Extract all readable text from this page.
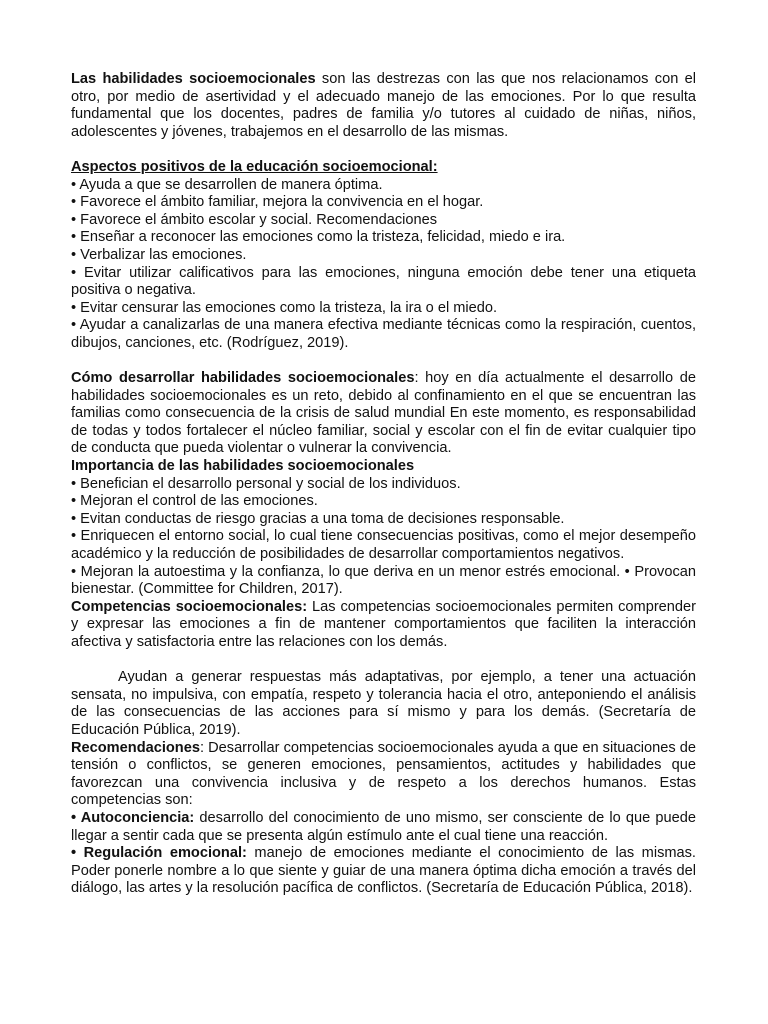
Las habilidades socioemocionales son las destrezas con las que nos relacionamos con el otro, por medio de asertividad y el adecuado manejo de las emociones. Por lo que resulta fundamental que los docentes, padres de familia y/o tutores al cuidado de niñas, niños, adolescentes y jóvenes, trabajemos en el desarrollo de las mismas.

Aspectos positivos de la educación socioemocional:

• Ayuda a que se desarrollen de manera óptima.

• Favorece el ámbito familiar, mejora la convivencia en el hogar.

• Favorece el ámbito escolar y social. Recomendaciones

• Enseñar a reconocer las emociones como la tristeza, felicidad, miedo e ira.

• Verbalizar las emociones.

• Evitar utilizar calificativos para las emociones, ninguna emoción debe tener una etiqueta positiva o negativa.

• Evitar censurar las emociones como la tristeza, la ira o el miedo.

• Ayudar a canalizarlas de una manera efectiva mediante técnicas como la respiración, cuentos, dibujos, canciones, etc. (Rodríguez, 2019).

Cómo desarrollar habilidades socioemocionales: hoy en día actualmente el desarrollo de habilidades socioemocionales es un reto, debido al confinamiento en el que se encuentran las familias como consecuencia de la crisis de salud mundial En este momento, es responsabilidad de todas y todos fortalecer el núcleo familiar, social y escolar con el fin de evitar cualquier tipo de conducta que pueda violentar o vulnerar la convivencia.

Importancia de las habilidades socioemocionales

• Benefician el desarrollo personal y social de los individuos.

• Mejoran el control de las emociones.

• Evitan conductas de riesgo gracias a una toma de decisiones responsable.

• Enriquecen el entorno social, lo cual tiene consecuencias positivas, como el mejor desempeño académico y la reducción de posibilidades de desarrollar comportamientos negativos.

• Mejoran la autoestima y la confianza, lo que deriva en un menor estrés emocional. • Provocan bienestar. (Committee for Children, 2017).

Competencias socioemocionales: Las competencias socioemocionales permiten comprender y expresar las emociones a fin de mantener comportamientos que faciliten la interacción afectiva y satisfactoria entre las relaciones con los demás.

Ayudan a generar respuestas más adaptativas, por ejemplo, a tener una actuación sensata, no impulsiva, con empatía, respeto y tolerancia hacia el otro, anteponiendo el análisis de las consecuencias de las acciones para sí mismo y para los demás. (Secretaría de Educación Pública, 2019).

Recomendaciones: Desarrollar competencias socioemocionales ayuda a que en situaciones de tensión o conflictos, se generen emociones, pensamientos, actitudes y habilidades que favorezcan una convivencia inclusiva y de respeto a los derechos humanos. Estas competencias son:

• Autoconciencia: desarrollo del conocimiento de uno mismo, ser consciente de lo que puede llegar a sentir cada que se presenta algún estímulo ante el cual tiene una reacción.

• Regulación emocional: manejo de emociones mediante el conocimiento de las mismas. Poder ponerle nombre a lo que siente y guiar de una manera óptima dicha emoción a través del diálogo, las artes y la resolución pacífica de conflictos. (Secretaría de Educación Pública, 2018).
